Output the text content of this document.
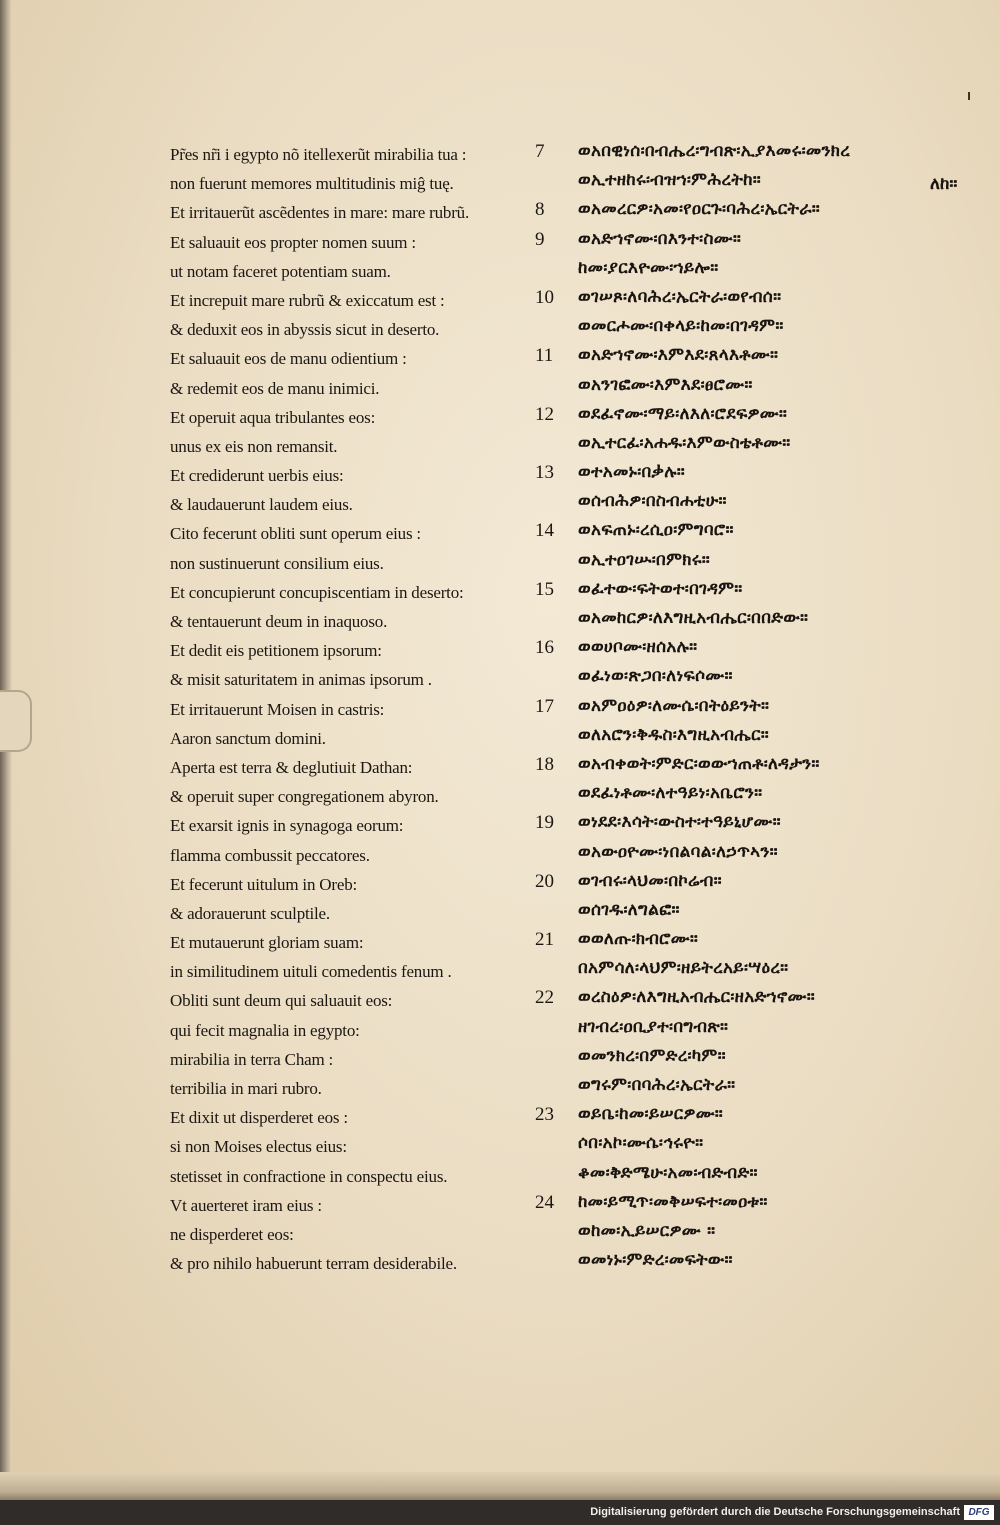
Pr̃es nr̃i i egypto nõ itellexerũt mirabilia tua :
non fuerunt memores multitudinis miĝ tuę.
Et irritauerũt ascẽdentes in mare: mare rubrũ.
Et saluauit eos propter nomen suum :
ut notam faceret potentiam suam.
Et increpuit mare rubrũ & exiccatum est :
& deduxit eos in abyssis sicut in deserto.
Et saluauit eos de manu odientium :
& redemit eos de manu inimici.
Et operuit aqua tribulantes eos:
unus ex eis non remansit.
Et crediderunt uerbis eius:
& laudauerunt laudem eius.
Cito fecerunt obliti sunt operum eius :
non sustinuerunt consilium eius.
Et concupierunt concupiscentiam in deserto:
& tentauerunt deum in inaquoso.
Et dedit eis petitionem ipsorum:
& misit saturitatem in animas ipsorum .
Et irritauerunt Moisen in castris:
Aaron sanctum domini.
Aperta est terra & deglutiuit Dathan:
& operuit super congregationem abyron.
Et exarsit ignis in synagoga eorum:
flamma combussit peccatores.
Et fecerunt uitulum in Oreb:
& adorauerunt sculptile.
Et mutauerunt gloriam suam:
in similitudinem uituli comedentis fenum .
Obliti sunt deum qui saluauit eos:
qui fecit magnalia in egypto:
mirabilia in terra Cham :
terribilia in mari rubro.
Et dixit ut disperderet eos :
si non Moises electus eius:
stetisset in confractione in conspectu eius.
Vt auerteret iram eius :
ne disperderet eos:
& pro nihilo habuerunt terram desiderabile.
7	ወአበዊነሰ፡በብሔረ፡ግብጽ፡ኢያእመሩ፡መንክረ
ወኢተዘከሩ፡ብዝኀ፡ምሕረትከ።
8	ወአመረርዎ፡አመ፡የዐርጉ፡ባሕረ፡ኤርትራ።
9	ወአድኀኖሙ፡በእንተ፡ስሙ።
ከመ፡ያርእዮሙ፡ኀይሎ።
10	ወገሠጾ፡ለባሕረ፡ኤርትራ፡ወየብሰ።
ወመርሖሙ፡በቀላይ፡ከመ፡በገዳም።
11	ወአድኀኖሙ፡እምእደ፡ጸላእቶሙ።
ወአንገፎሙ፡እምእደ፡ፀሮሙ።
12	ወደፈኖሙ፡ማይ፡ለእለ፡ሮደፍዎሙ።
ወኢተርፈ፡አሐዱ፡እምውስቴቶሙ።
13	ወተአመኑ፡በቃሉ።
ወሰብሕዎ፡በስብሐቲሁ።
14	ወአፍጠኑ፡ረሲዐ፡ምግባሮ።
ወኢተዐገሡ፡በምክሩ።
15	ወፈተው፡ፍትወተ፡በገዳም።
ወአመከርዎ፡ለእግዚአብሔር፡በበድው።
16	ወወሀቦሙ፡ዘሰአሉ።
ወፈነወ፡ጽጋበ፡ለነፍሶሙ።
17	ወአምዐዕዎ፡ለሙሴ፡በትዕይንት።
ወለአሮን፡ቅዱስ፡እግዚአብሔር።
18	ወአብቀወት፡ምድር፡ወውኀጠቶ፡ለዳታን።
ወደፈነቶሙ፡ለተዓይነ፡አቤሮን።
19	ወነደደ፡እሳት፡ውስተ፡ተዓይኒሆሙ።
ወአውዐዮሙ፡ነበልባል፡ለኃጥኣን።
20	ወገብሩ፡ላህመ፡በኮሬብ።
ወሰገዱ፡ለግልፎ።
21	ወወለጡ፡ክብሮሙ።
በአምሳለ፡ላህም፡ዘይትረአይ፡ሣዕረ።
22	ወረስዕዎ፡ለእግዚአብሔር፡ዘአድኀኖሙ።
ዘገብረ፡ዐቢያተ፡በግብጽ።
ወመንክረ፡በምድረ፡ካም።
ወግሩም፡በባሕረ፡ኤርትራ።
23	ወይቤ፡ከመ፡ይሠርዎሙ።
ሶበ፡አኮ፡ሙሴ፡ኅሩዮ።
ቆመ፡ቅድሜሁ፡አመ፡ብድብድ።
24	ከመ፡ይሚጥ፡መቅሠፍተ፡መዐቱ።
ወከመ፡ኢይሠርዎሙ ።
ወመነኑ፡ምድረ፡መፍትው።
ለከ።
Digitalisierung gefördert durch die Deutsche Forschungsgemeinschaft DFG
